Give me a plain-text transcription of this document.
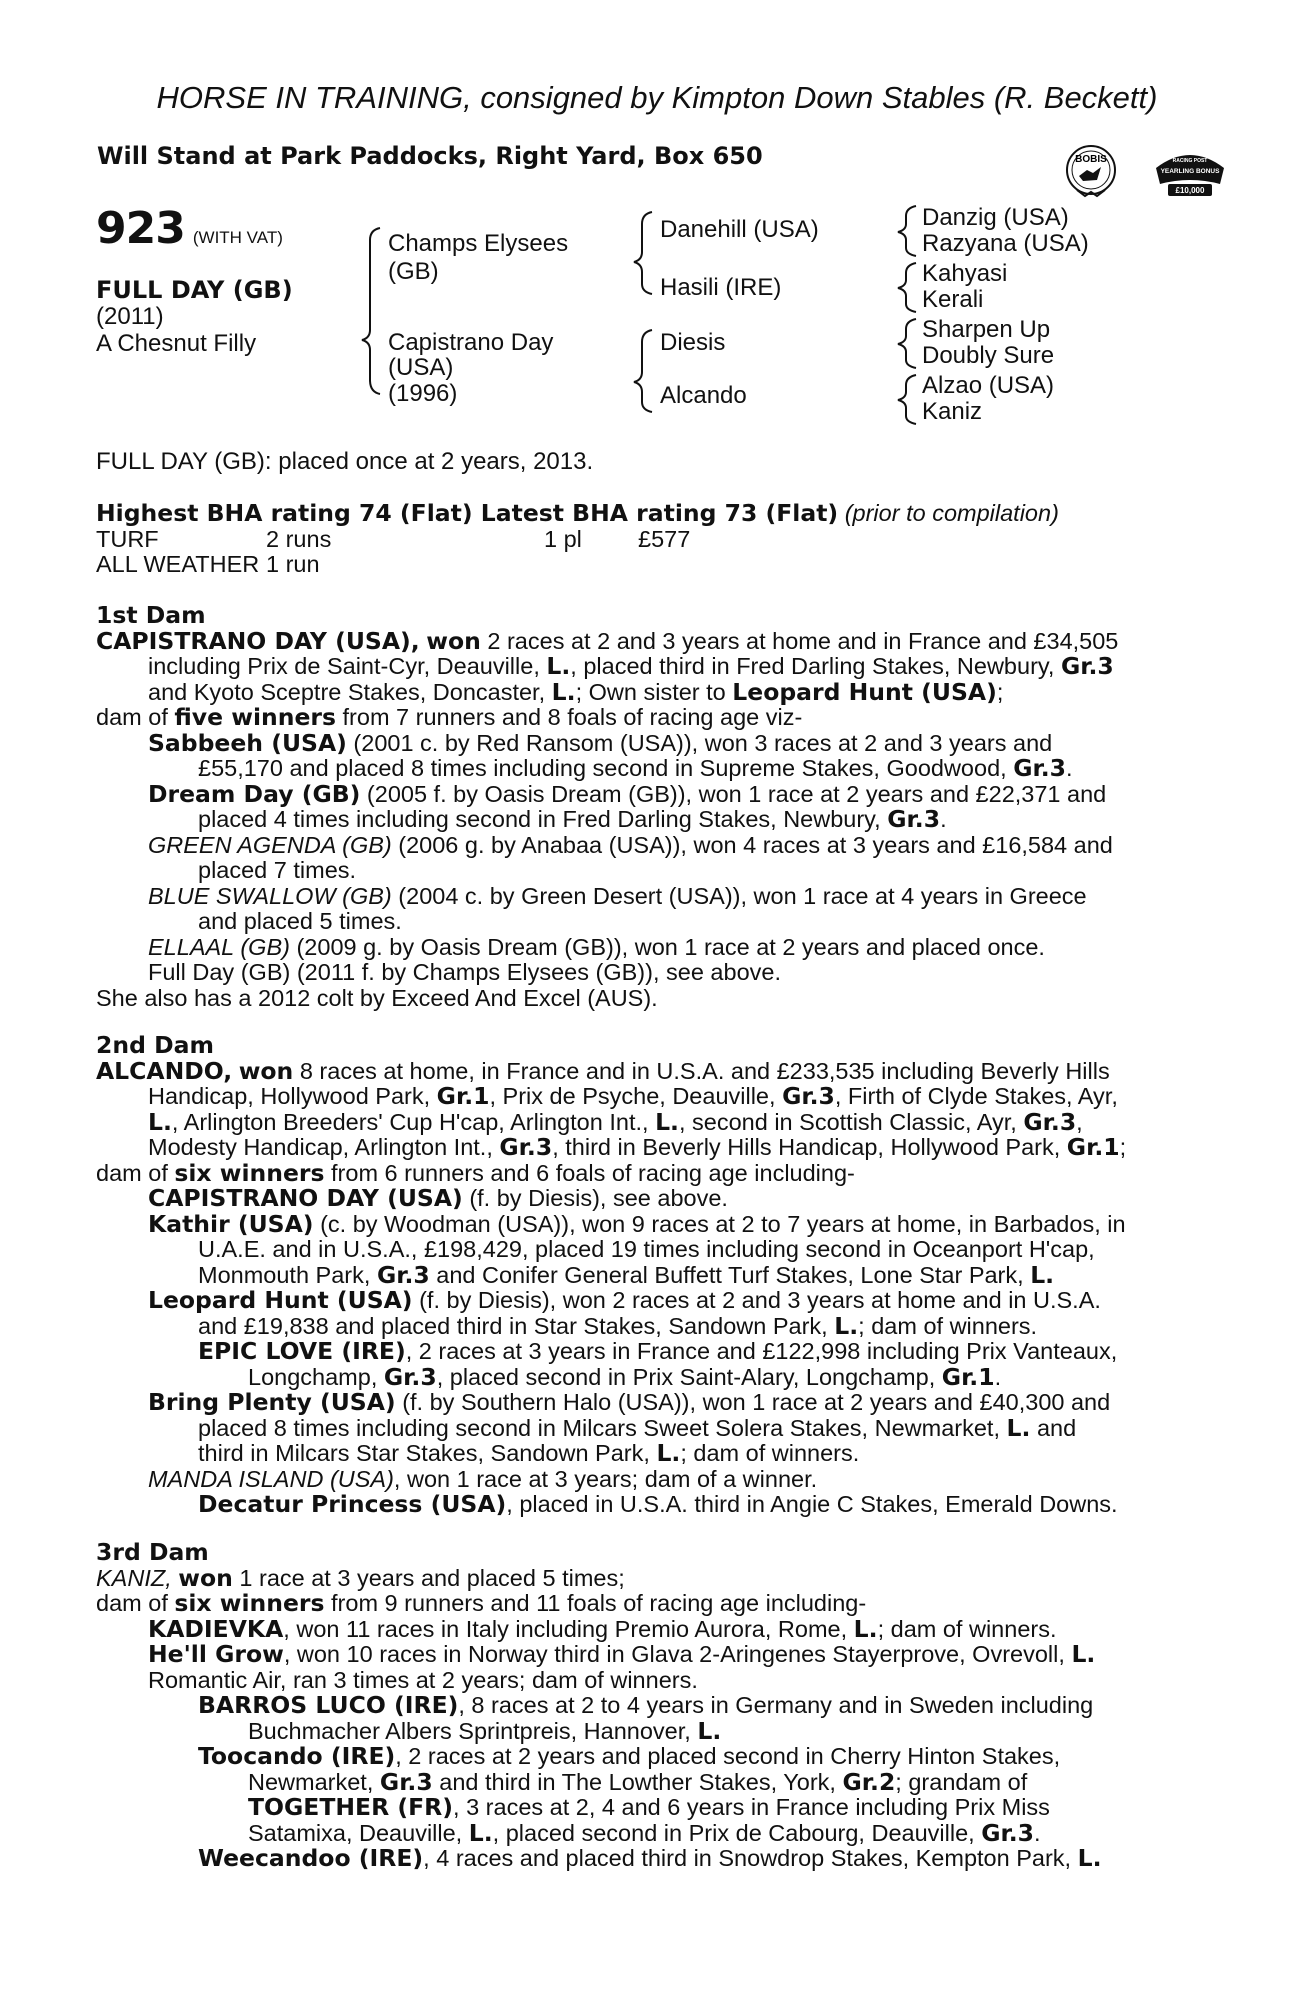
HORSE IN TRAINING, consigned by Kimpton Down Stables (R. Beckett)
Will Stand at Park Paddocks, Right Yard, Box 650	BOBIS	RACING POST
YEARLING BONUS
£10,000
923 (WITH VAT)
FULL DAY (GB)
(2011)
A Chesnut Filly
Champs Elysees
(GB)
Capistrano Day
(USA)
(1996)
Danehill (USA)
Hasili (IRE)
Diesis
Alcando
Danzig (USA)
Razyana (USA)
Kahyasi
Kerali
Sharpen Up
Doubly Sure
Alzao (USA)
Kaniz
FULL DAY (GB): placed once at 2 years, 2013.
Highest BHA rating 74 (Flat) Latest BHA rating 73 (Flat) (prior to compilation)
TURF	2 runs	1 pl £577
ALL WEATHER 1 run
1st Dam
CAPISTRANO DAY (USA), won 2 races at 2 and 3 years at home and in France and £34,505
including Prix de Saint-Cyr, Deauville, L., placed third in Fred Darling Stakes, Newbury, Gr.3
and Kyoto Sceptre Stakes, Doncaster, L.; Own sister to Leopard Hunt (USA);
dam of five winners from 7 runners and 8 foals of racing age viz-
Sabbeeh (USA) (2001 c. by Red Ransom (USA)), won 3 races at 2 and 3 years and
£55,170 and placed 8 times including second in Supreme Stakes, Goodwood, Gr.3.
Dream Day (GB) (2005 f. by Oasis Dream (GB)), won 1 race at 2 years and £22,371 and
placed 4 times including second in Fred Darling Stakes, Newbury, Gr.3.
GREEN AGENDA (GB) (2006 g. by Anabaa (USA)), won 4 races at 3 years and £16,584 and
placed 7 times.
BLUE SWALLOW (GB) (2004 c. by Green Desert (USA)), won 1 race at 4 years in Greece
and placed 5 times.
ELLAAL (GB) (2009 g. by Oasis Dream (GB)), won 1 race at 2 years and placed once.
Full Day (GB) (2011 f. by Champs Elysees (GB)), see above.
She also has a 2012 colt by Exceed And Excel (AUS).
2nd Dam
ALCANDO, won 8 races at home, in France and in U.S.A. and £233,535 including Beverly Hills
Handicap, Hollywood Park, Gr.1, Prix de Psyche, Deauville, Gr.3, Firth of Clyde Stakes, Ayr,
L., Arlington Breeders' Cup H'cap, Arlington Int., L., second in Scottish Classic, Ayr, Gr.3,
Modesty Handicap, Arlington Int., Gr.3, third in Beverly Hills Handicap, Hollywood Park, Gr.1;
dam of six winners from 6 runners and 6 foals of racing age including-
CAPISTRANO DAY (USA) (f. by Diesis), see above.
Kathir (USA) (c. by Woodman (USA)), won 9 races at 2 to 7 years at home, in Barbados, in
U.A.E. and in U.S.A., £198,429, placed 19 times including second in Oceanport H'cap,
Monmouth Park, Gr.3 and Conifer General Buffett Turf Stakes, Lone Star Park, L.
Leopard Hunt (USA) (f. by Diesis), won 2 races at 2 and 3 years at home and in U.S.A.
and £19,838 and placed third in Star Stakes, Sandown Park, L.; dam of winners.
EPIC LOVE (IRE), 2 races at 3 years in France and £122,998 including Prix Vanteaux,
Longchamp, Gr.3, placed second in Prix Saint-Alary, Longchamp, Gr.1.
Bring Plenty (USA) (f. by Southern Halo (USA)), won 1 race at 2 years and £40,300 and
placed 8 times including second in Milcars Sweet Solera Stakes, Newmarket, L. and
third in Milcars Star Stakes, Sandown Park, L.; dam of winners.
MANDA ISLAND (USA), won 1 race at 3 years; dam of a winner.
Decatur Princess (USA), placed in U.S.A. third in Angie C Stakes, Emerald Downs.
3rd Dam
KANIZ, won 1 race at 3 years and placed 5 times;
dam of six winners from 9 runners and 11 foals of racing age including-
KADIEVKA, won 11 races in Italy including Premio Aurora, Rome, L.; dam of winners.
He'll Grow, won 10 races in Norway third in Glava 2-Aringenes Stayerprove, Ovrevoll, L.
Romantic Air, ran 3 times at 2 years; dam of winners.
BARROS LUCO (IRE), 8 races at 2 to 4 years in Germany and in Sweden including
Buchmacher Albers Sprintpreis, Hannover, L.
Toocando (IRE), 2 races at 2 years and placed second in Cherry Hinton Stakes,
Newmarket, Gr.3 and third in The Lowther Stakes, York, Gr.2; grandam of
TOGETHER (FR), 3 races at 2, 4 and 6 years in France including Prix Miss
Satamixa, Deauville, L., placed second in Prix de Cabourg, Deauville, Gr.3.
Weecandoo (IRE), 4 races and placed third in Snowdrop Stakes, Kempton Park, L.
